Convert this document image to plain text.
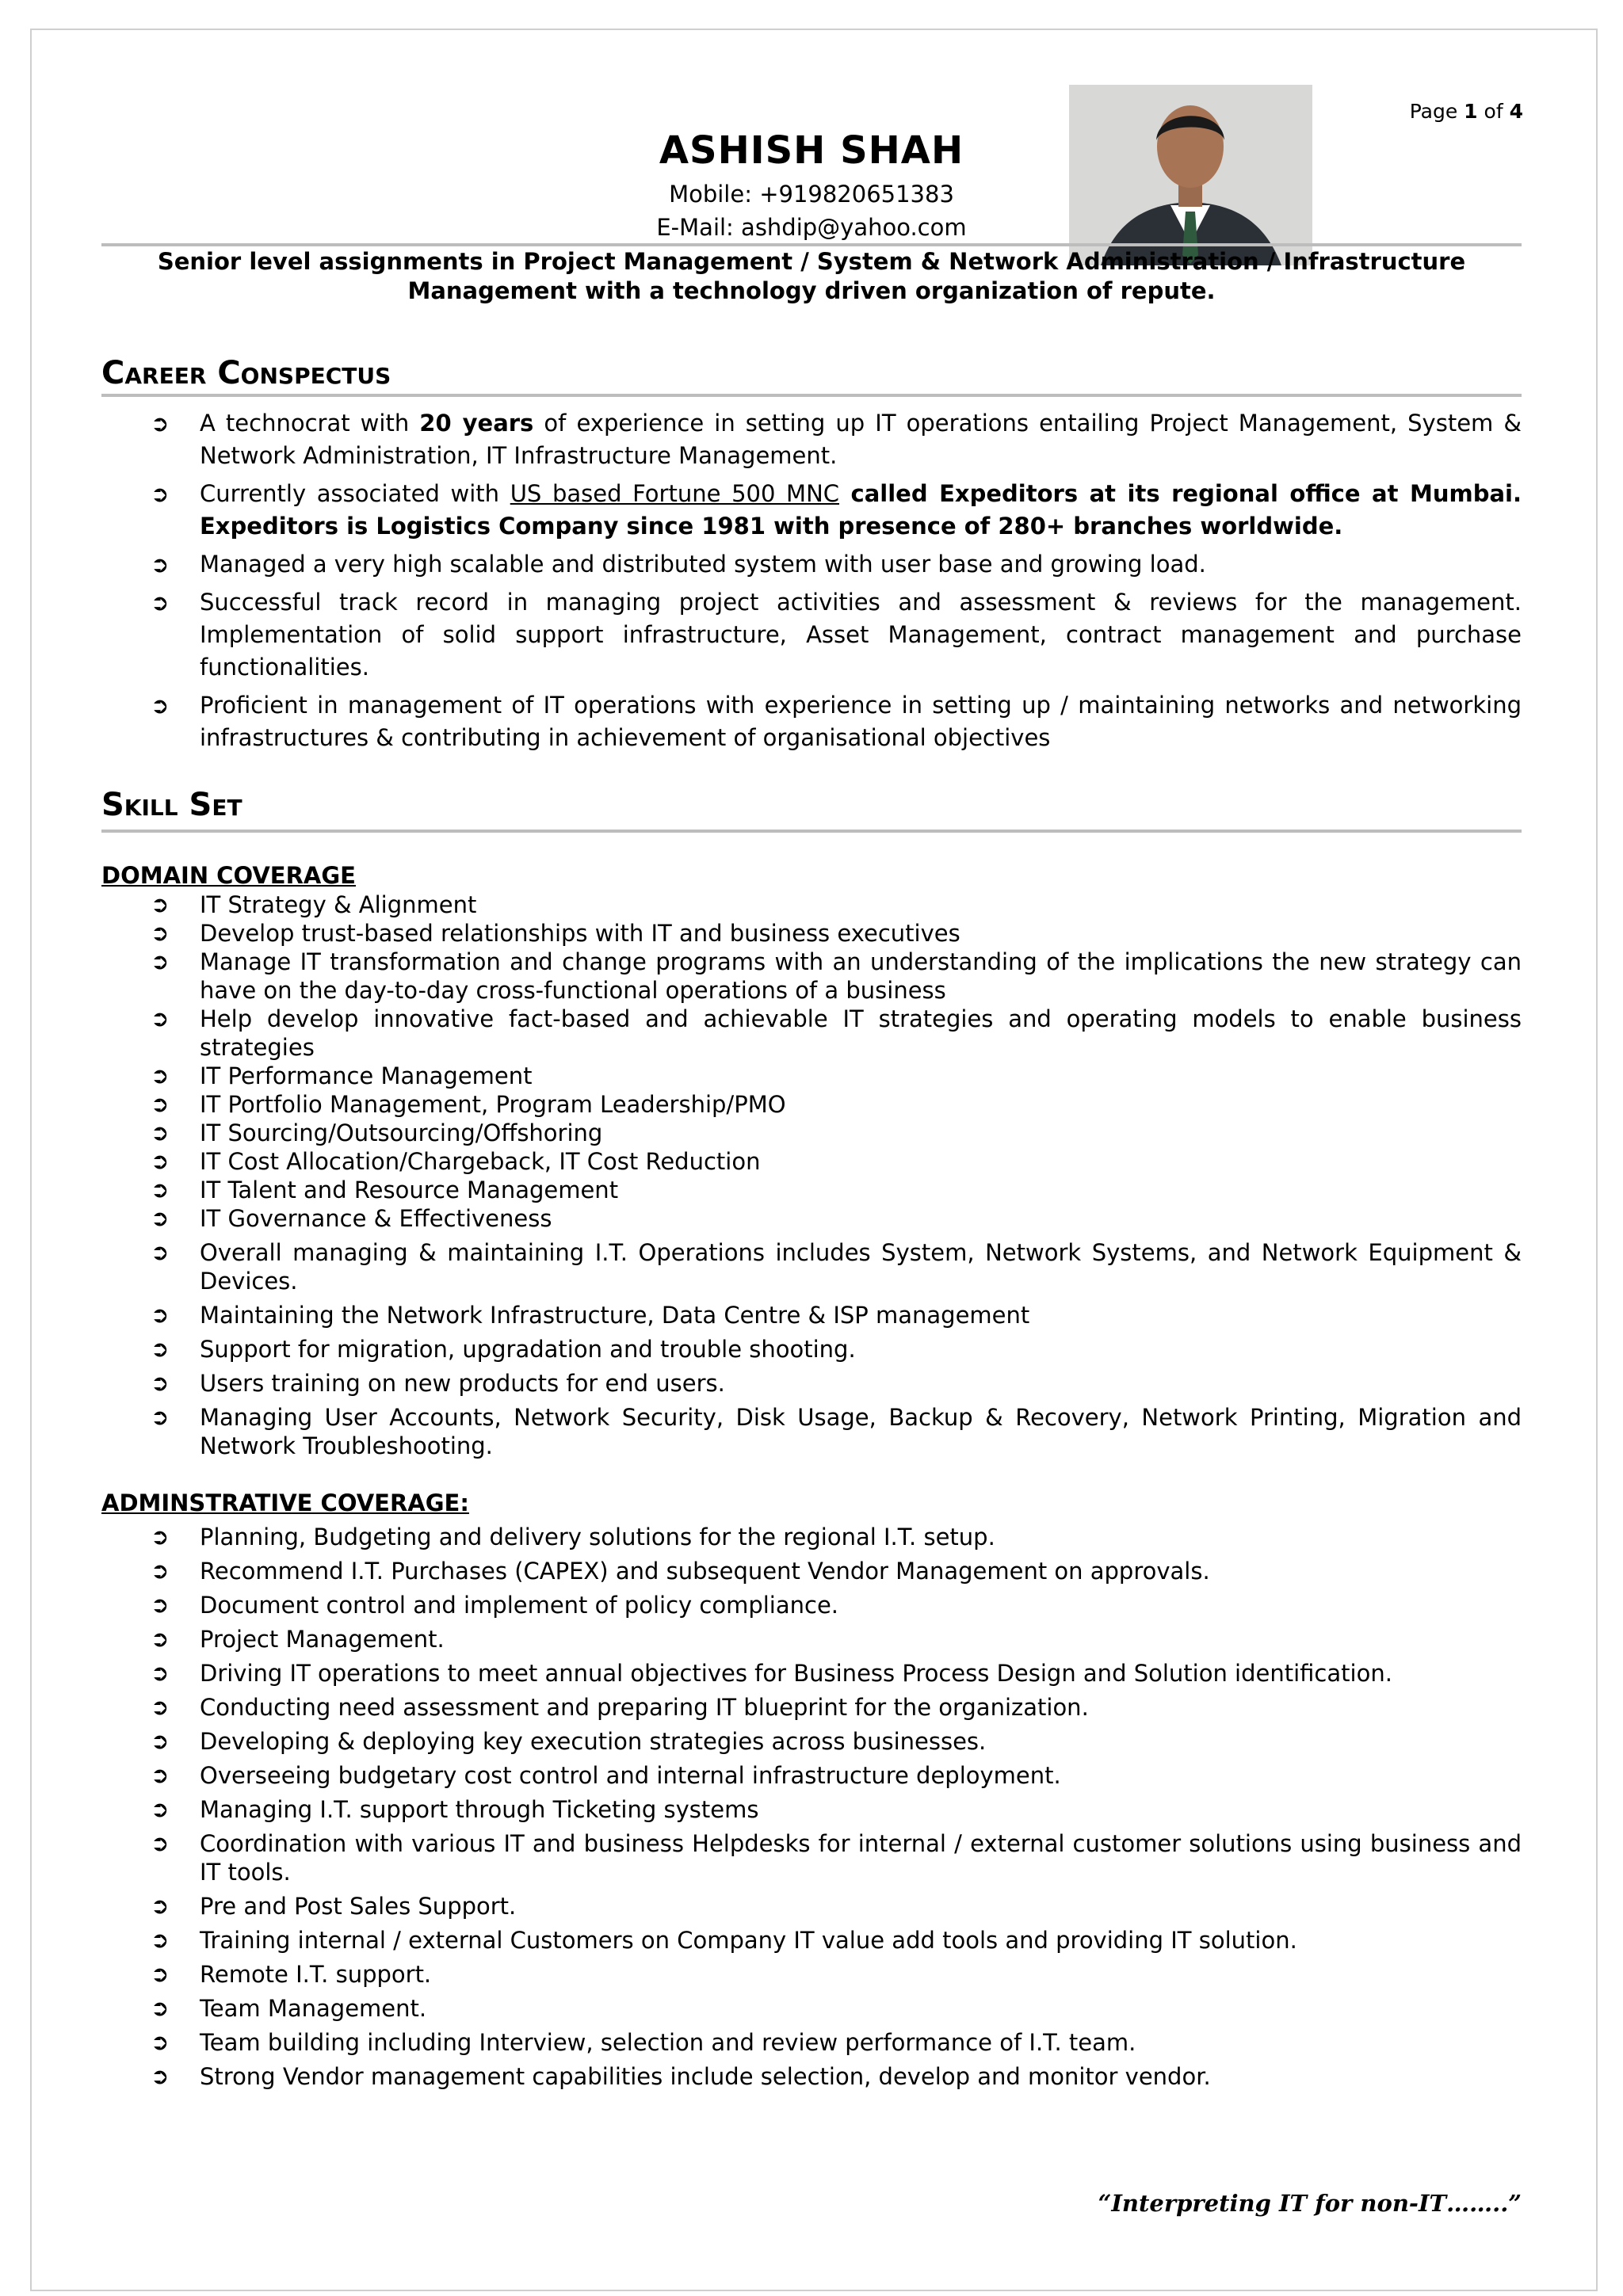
Page 1 of 4
ASHISH SHAH
Mobile: +919820651383
E-Mail: ashdip@yahoo.com
Senior level assignments in Project Management / System & Network Administration / Infrastructure Management with a technology driven organization of repute.
Career Conspectus
➲ A technocrat with 20 years of experience in setting up IT operations entailing Project Management, System & Network Administration, IT Infrastructure Management.
➲ Currently associated with US based Fortune 500 MNC called Expeditors at its regional office at Mumbai. Expeditors is Logistics Company since 1981 with presence of 280+ branches worldwide.
➲ Managed a very high scalable and distributed system with user base and growing load.
➲ Successful track record in managing project activities and assessment & reviews for the management. Implementation of solid support infrastructure, Asset Management, contract management and purchase functionalities.
➲ Proficient in management of IT operations with experience in setting up / maintaining networks and networking infrastructures & contributing in achievement of organisational objectives
Skill Set
DOMAIN COVERAGE
➲ IT Strategy & Alignment
➲ Develop trust-based relationships with IT and business executives
➲ Manage IT transformation and change programs with an understanding of the implications the new strategy can have on the day-to-day cross-functional operations of a business
➲ Help develop innovative fact-based and achievable IT strategies and operating models to enable business strategies
➲ IT Performance Management
➲ IT Portfolio Management, Program Leadership/PMO
➲ IT Sourcing/Outsourcing/Offshoring
➲ IT Cost Allocation/Chargeback, IT Cost Reduction
➲ IT Talent and Resource Management
➲ IT Governance & Effectiveness
➲ Overall managing & maintaining I.T. Operations includes System, Network Systems, and Network Equipment & Devices.
➲ Maintaining the Network Infrastructure, Data Centre & ISP management
➲ Support for migration, upgradation and trouble shooting.
➲ Users training on new products for end users.
➲ Managing User Accounts, Network Security, Disk Usage, Backup & Recovery, Network Printing, Migration and Network Troubleshooting.
ADMINSTRATIVE COVERAGE:
➲ Planning, Budgeting and delivery solutions for the regional I.T. setup.
➲ Recommend I.T. Purchases (CAPEX) and subsequent Vendor Management on approvals.
➲ Document control and implement of policy compliance.
➲ Project Management.
➲ Driving IT operations to meet annual objectives for Business Process Design and Solution identification.
➲ Conducting need assessment and preparing IT blueprint for the organization.
➲ Developing & deploying key execution strategies across businesses.
➲ Overseeing budgetary cost control and internal infrastructure deployment.
➲ Managing I.T. support through Ticketing systems
➲ Coordination with various IT and business Helpdesks for internal / external customer solutions using business and IT tools.
➲ Pre and Post Sales Support.
➲ Training internal / external Customers on Company IT value add tools and providing IT solution.
➲ Remote I.T. support.
➲ Team Management.
➲ Team building including Interview, selection and review performance of I.T. team.
➲ Strong Vendor management capabilities include selection, develop and monitor vendor.
“Interpreting IT for non-IT……..”
